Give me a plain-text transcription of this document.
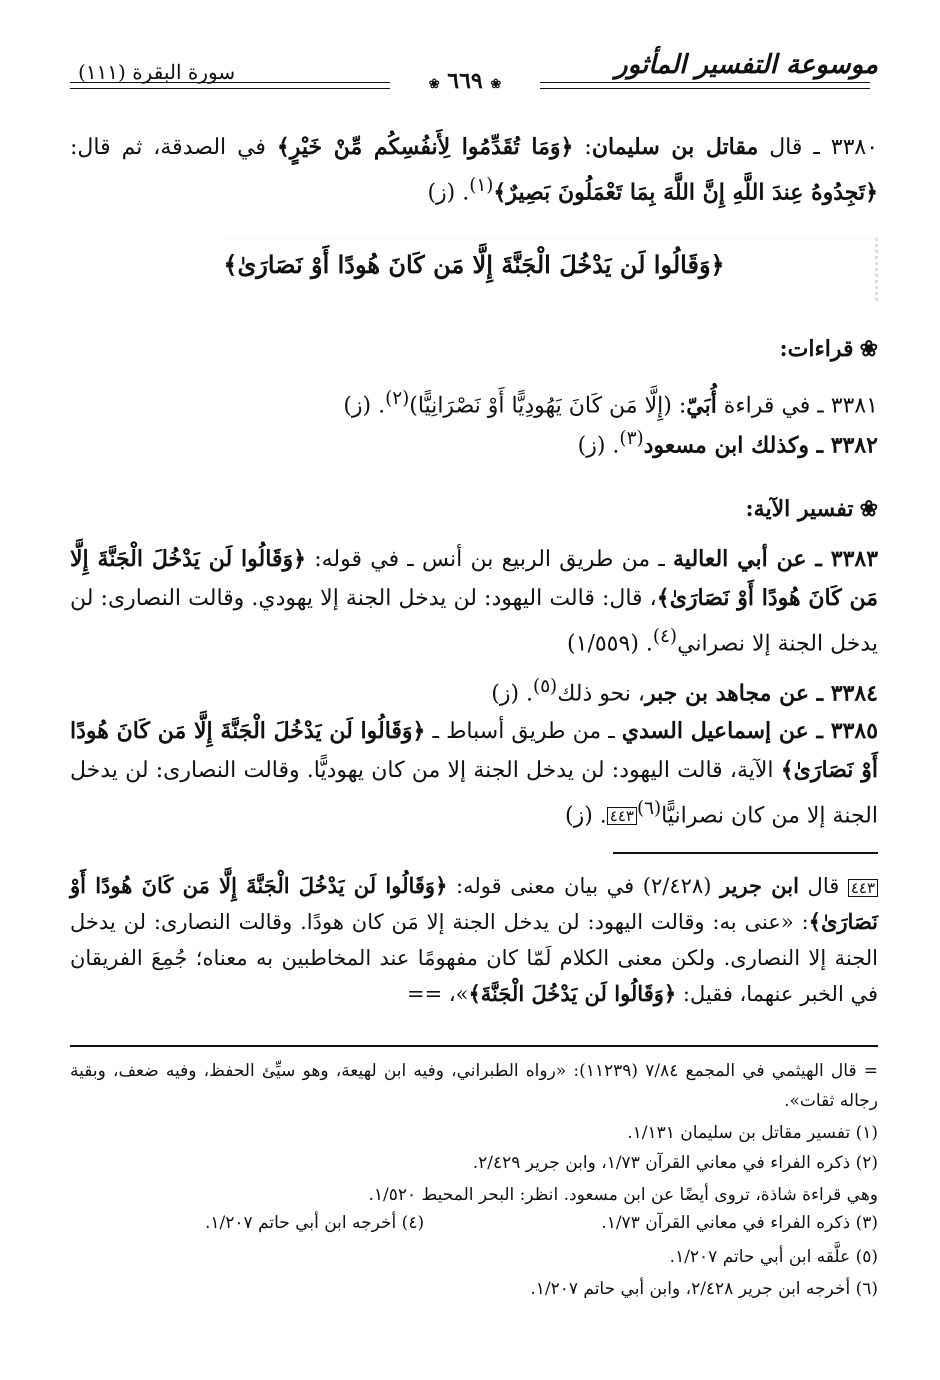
موسوعة التفسير المأثور
سورة البقرة (١١١)
❀ ٦٦٩ ❀

٣٣٨٠ ـ قال مقاتل بن سليمان: ﴿وَمَا تُقَدِّمُوا لِأَنفُسِكُم مِّنْ خَيْرٍ﴾ في الصدقة، ثم قال: ﴿تَجِدُوهُ عِندَ اللَّهِ إِنَّ اللَّهَ بِمَا تَعْمَلُونَ بَصِيرٌ﴾$^{(١)}$. (ز)

﴿وَقَالُوا لَن يَدْخُلَ الْجَنَّةَ إِلَّا مَن كَانَ هُودًا أَوْ نَصَارَىٰ﴾
❀قراءات:

٣٣٨١ ـ في قراءة أُبَيّ: (إِلَّا مَن كَانَ يَهُودِيًّا أَوْ نَصْرَانِيًّا)$^{(٢)}$. (ز)

٣٣٨٢ ـ وكذلك ابن مسعود$^{(٣)}$. (ز)

❀تفسير الآية:

٣٣٨٣ ـ عن أبي العالية ـ من طريق الربيع بن أنس ـ في قوله: ﴿وَقَالُوا لَن يَدْخُلَ الْجَنَّةَ إِلَّا مَن كَانَ هُودًا أَوْ نَصَارَىٰ﴾، قال: قالت اليهود: لن يدخل الجنة إلا يهودي. وقالت النصارى: لن يدخل الجنة إلا نصراني$^{(٤)}$. (١/٥٥٩)

٣٣٨٤ ـ عن مجاهد بن جبر، نحو ذلك$^{(٥)}$. (ز)

٣٣٨٥ ـ عن إسماعيل السدي ـ من طريق أسباط ـ ﴿وَقَالُوا لَن يَدْخُلَ الْجَنَّةَ إِلَّا مَن كَانَ هُودًا أَوْ نَصَارَىٰ﴾ الآية، قالت اليهود: لن يدخل الجنة إلا من كان يهوديًّا. وقالت النصارى: لن يدخل الجنة إلا من كان نصرانيًّا$^{(٦)}$٤٤٣. (ز)

٤٤٣ قال ابن جرير (٢/٤٢٨) في بيان معنى قوله: ﴿وَقَالُوا لَن يَدْخُلَ الْجَنَّةَ إِلَّا مَن كَانَ هُودًا أَوْ نَصَارَىٰ﴾: «عنى به: وقالت اليهود: لن يدخل الجنة إلا مَن كان هودًا. وقالت النصارى: لن يدخل الجنة إلا النصارى. ولكن معنى الكلام لَمّا كان مفهومًا عند المخاطبين به معناه؛ جُمِعَ الفريقان في الخبر عنهما، فقيل: ﴿وَقَالُوا لَن يَدْخُلَ الْجَنَّةَ﴾»، ==

= قال الهيثمي في المجمع ٧/٨٤ (١١٢٣٩): «رواه الطبراني، وفيه ابن لهيعة، وهو سيِّئ الحفظ، وفيه ضعف، وبقية رجاله ثقات».

(١) تفسير مقاتل بن سليمان ١/١٣١.

(٢) ذكره الفراء في معاني القرآن ١/٧٣، وابن جرير ٢/٤٢٩.

وهي قراءة شاذة، تروى أيضًا عن ابن مسعود. انظر: البحر المحيط ١/٥٢٠.

(٣) ذكره الفراء في معاني القرآن ١/٧٣.
(٤) أخرجه ابن أبي حاتم ١/٢٠٧.

(٥) علَّقه ابن أبي حاتم ١/٢٠٧.

(٦) أخرجه ابن جرير ٢/٤٢٨، وابن أبي حاتم ١/٢٠٧.
